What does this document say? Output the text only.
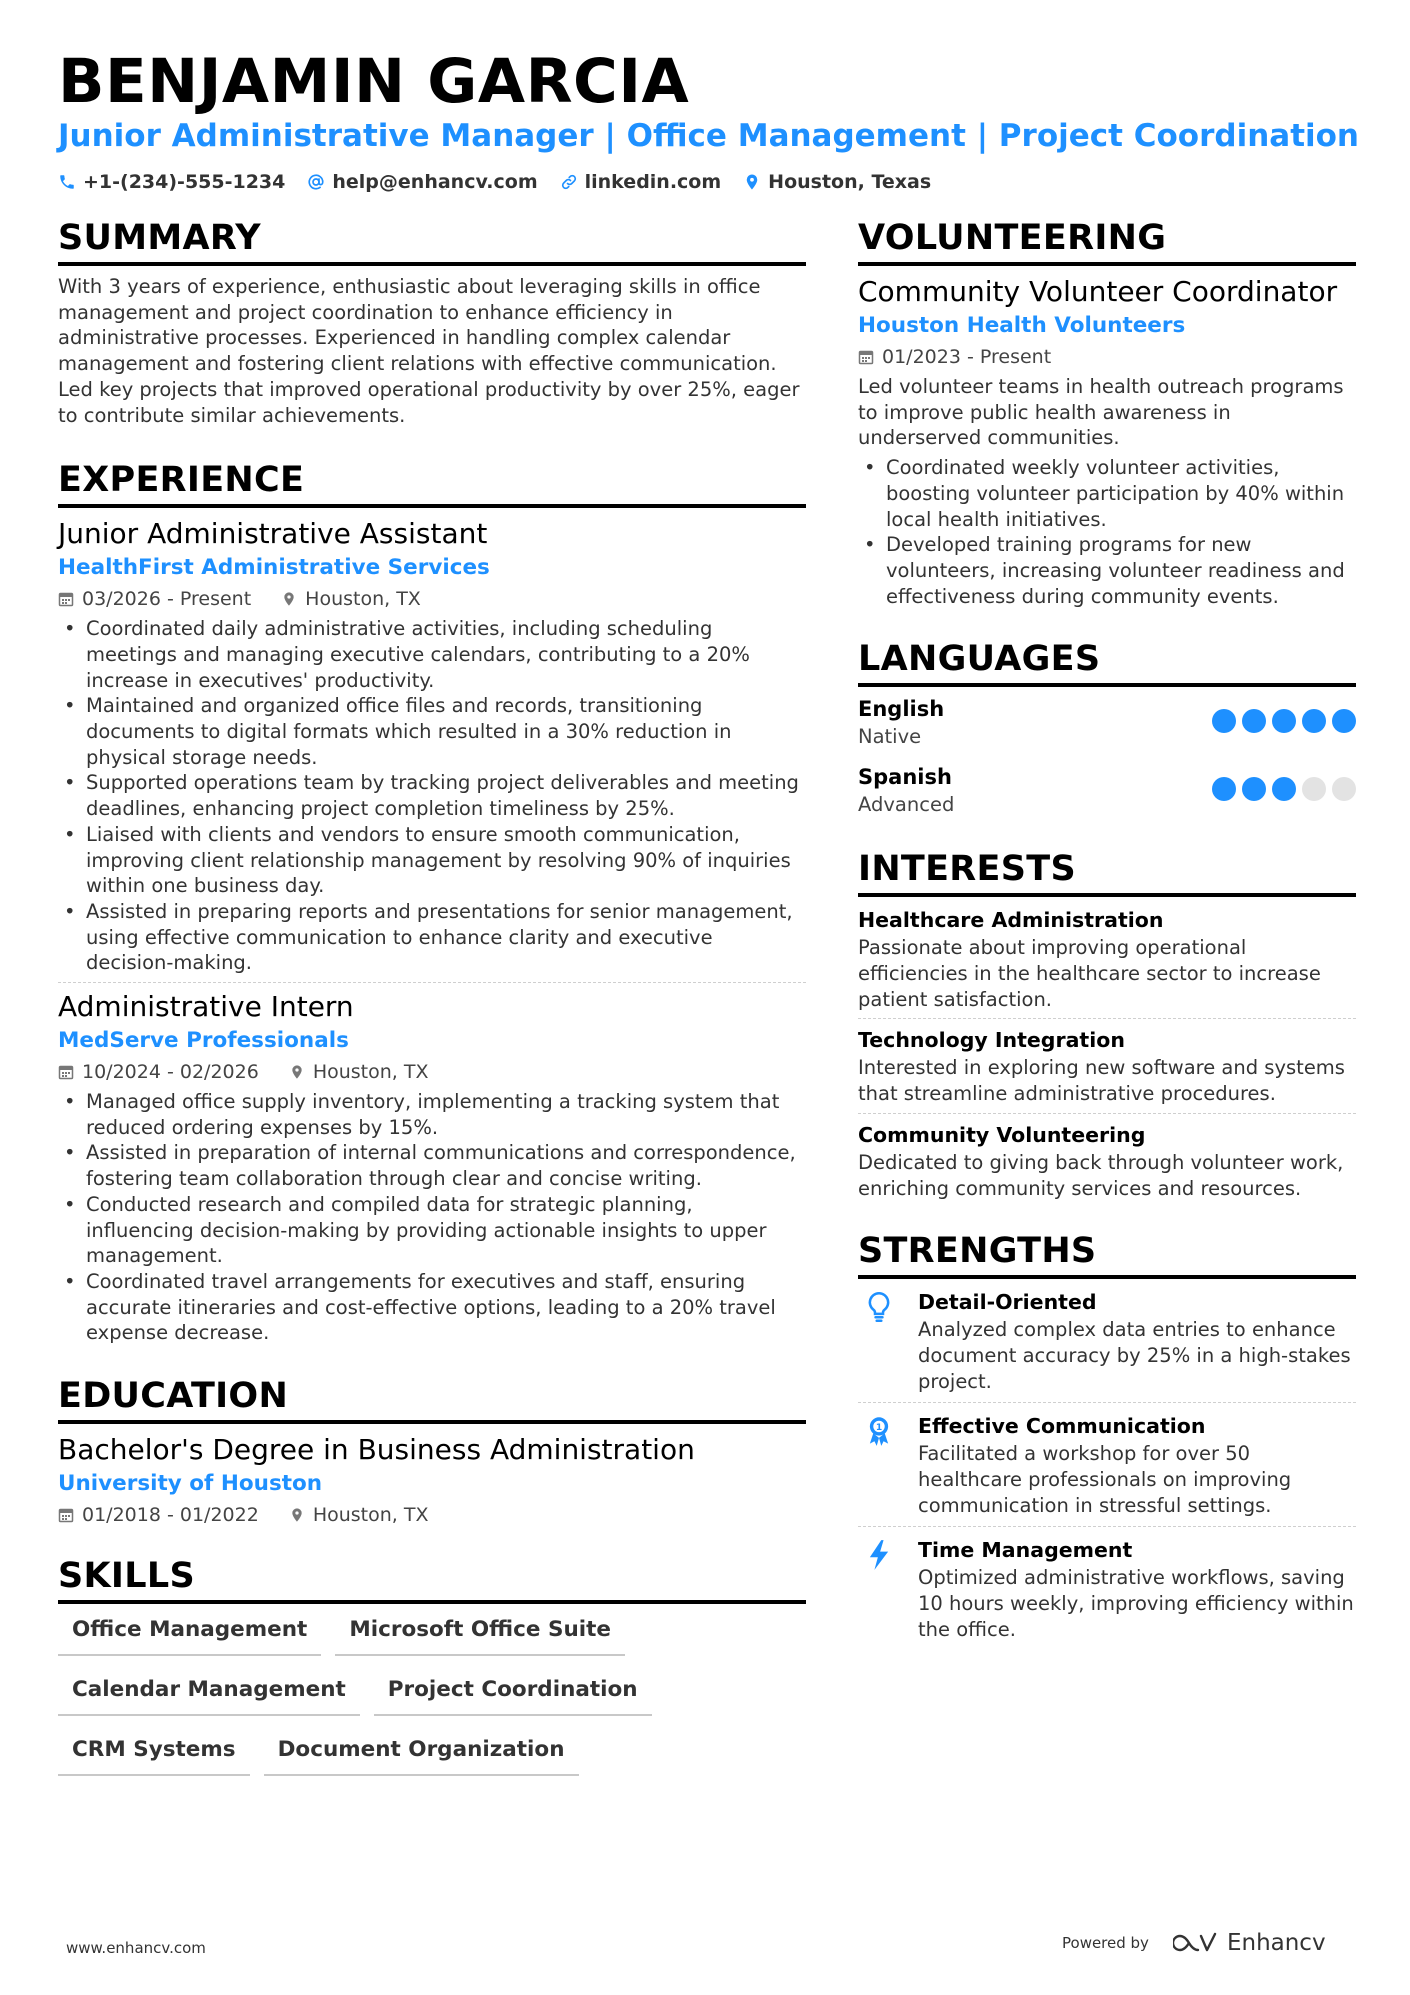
BENJAMIN GARCIA
Junior Administrative Manager | Office Management | Project Coordination
+1-(234)-555-1234 help@enhancv.com linkedin.com Houston, Texas
SUMMARY

With 3 years of experience, enthusiastic about leveraging skills in office management and project coordination to enhance efficiency in administrative processes. Experienced in handling complex calendar management and fostering client relations with effective communication. Led key projects that improved operational productivity by over 25%, eager to contribute similar achievements.

EXPERIENCE
Junior Administrative Assistant
HealthFirst Administrative Services
03/2026 - Present	Houston, TX
• Coordinated daily administrative activities, including scheduling meetings and managing executive calendars, contributing to a 20% increase in executives' productivity.
• Maintained and organized office files and records, transitioning documents to digital formats which resulted in a 30% reduction in physical storage needs.
• Supported operations team by tracking project deliverables and meeting deadlines, enhancing project completion timeliness by 25%.
• Liaised with clients and vendors to ensure smooth communication, improving client relationship management by resolving 90% of inquiries within one business day.
• Assisted in preparing reports and presentations for senior management, using effective communication to enhance clarity and executive decision-making.
Administrative Intern
MedServe Professionals
10/2024 - 02/2026	Houston, TX
• Managed office supply inventory, implementing a tracking system that reduced ordering expenses by 15%.
• Assisted in preparation of internal communications and correspondence, fostering team collaboration through clear and concise writing.
• Conducted research and compiled data for strategic planning, influencing decision-making by providing actionable insights to upper management.
• Coordinated travel arrangements for executives and staff, ensuring accurate itineraries and cost-effective options, leading to a 20% travel expense decrease.
EDUCATION
Bachelor's Degree in Business Administration
University of Houston
01/2018 - 01/2022	Houston, TX
SKILLS
Office Management	Microsoft Office Suite
Calendar Management	Project Coordination
CRM Systems	Document Organization
VOLUNTEERING
Community Volunteer Coordinator
Houston Health Volunteers
01/2023 - Present

Led volunteer teams in health outreach programs to improve public health awareness in underserved communities.

• Coordinated weekly volunteer activities, boosting volunteer participation by 40% within local health initiatives.
• Developed training programs for new volunteers, increasing volunteer readiness and effectiveness during community events.
LANGUAGES
English
Native
Spanish
Advanced
INTERESTS
Healthcare Administration

Passionate about improving operational efficiencies in the healthcare sector to increase patient satisfaction.

Technology Integration

Interested in exploring new software and systems that streamline administrative procedures.

Community Volunteering

Dedicated to giving back through volunteer work, enriching community services and resources.

STRENGTHS
Detail-Oriented

Analyzed complex data entries to enhance document accuracy by 25% in a high-stakes project.

1 Effective Communication

Facilitated a workshop for over 50 healthcare professionals on improving communication in stressful settings.

Time Management

Optimized administrative workflows, saving 10 hours weekly, improving efficiency within the office.

www.enhancv.com	Powered by	Enhancv
